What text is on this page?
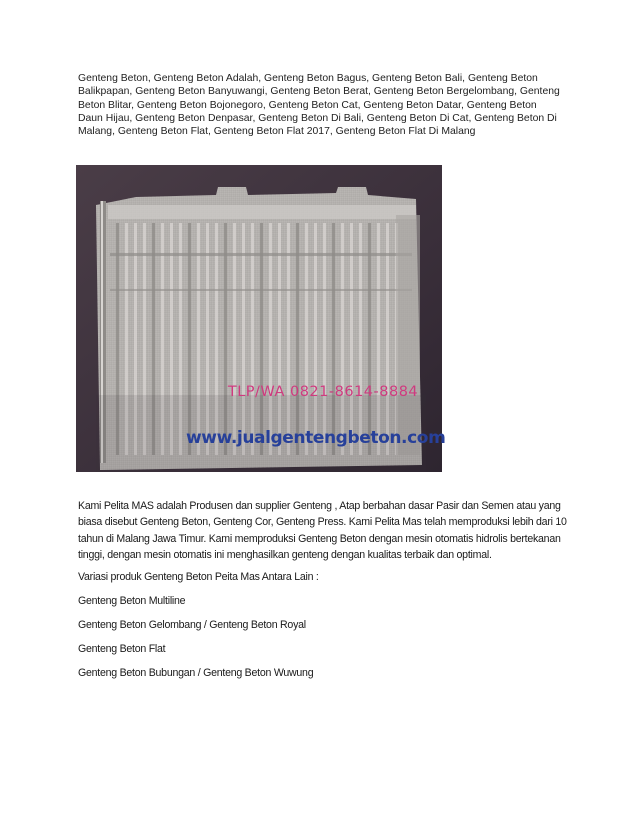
Genteng Beton, Genteng Beton Adalah, Genteng Beton Bagus, Genteng Beton Bali, Genteng Beton Balikpapan, Genteng Beton Banyuwangi, Genteng Beton Berat, Genteng Beton Bergelombang, Genteng Beton Blitar, Genteng Beton Bojonegoro, Genteng Beton Cat, Genteng Beton Datar, Genteng Beton Daun Hijau, Genteng Beton Denpasar, Genteng Beton Di Bali, Genteng Beton Di Cat, Genteng Beton Di Malang, Genteng Beton Flat, Genteng Beton Flat 2017, Genteng Beton Flat Di Malang
TLP/WA 0821-8614-8884
www.jualgentengbeton.com

Kami Pelita MAS adalah Produsen dan supplier Genteng , Atap berbahan dasar Pasir dan Semen atau yang biasa disebut Genteng Beton, Genteng Cor, Genteng Press. Kami Pelita Mas telah memproduksi lebih dari 10 tahun di Malang Jawa Timur. Kami memproduksi Genteng Beton dengan mesin otomatis hidrolis bertekanan tinggi, dengan mesin otomatis ini menghasilkan genteng dengan kualitas terbaik dan optimal.

Variasi produk Genteng Beton Peita Mas Antara Lain :

Genteng Beton Multiline

Genteng Beton Gelombang / Genteng Beton Royal

Genteng Beton Flat

Genteng Beton Bubungan / Genteng Beton Wuwung
